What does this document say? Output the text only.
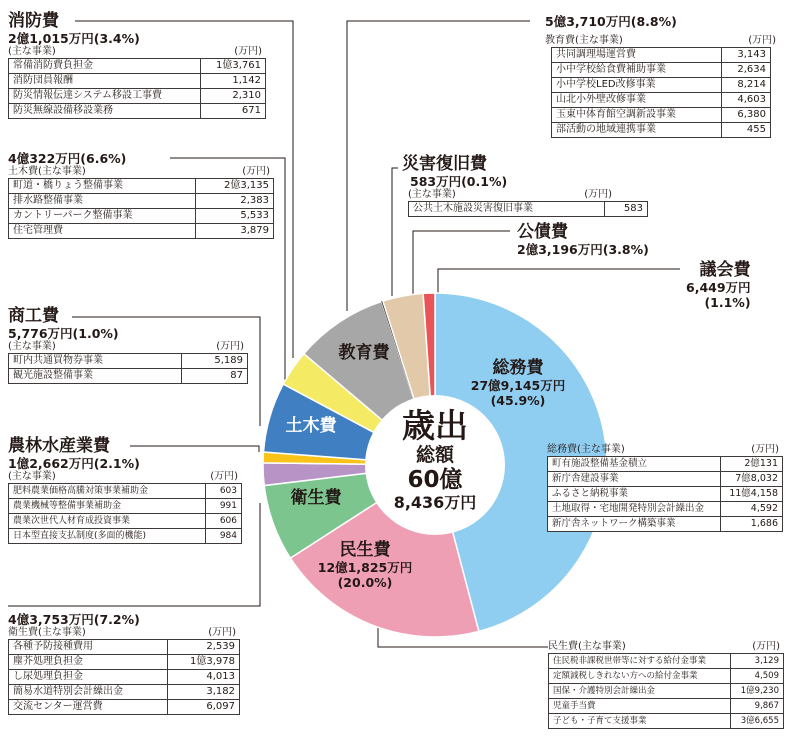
歳出
総額
60億
8,436万円
総務費
27億9,145万円
(45.9%)
民生費
12億1,825万円
(20.0%)
衛生費
土木費
教育費
消防費
2億1,015万円(3.4%)
(主な事業)	(万円)
常備消防費負担金	1億3,761
消防団員報酬	1,142
防災情報伝達システム移設工事費	2,310
防災無線設備移設業務	671
4億322万円(6.6%)
土木費(主な事業)	(万円)
町道・橋りょう整備事業	2億3,135
排水路整備事業	2,383
カントリーパーク整備事業	5,533
住宅管理費	3,879
商工費
5,776万円(1.0%)
(主な事業)	(万円)
町内共通買物券事業	5,189
観光施設整備事業	87
農林水産業費
1億2,662万円(2.1%)
(主な事業)	(万円)
肥料農業価格高騰対策事業補助金	603
農業機械等整備事業補助金	991
農業次世代人材育成投資事業	606
日本型直接支払制度(多面的機能)	984
4億3,753万円(7.2%)
衛生費(主な事業)	(万円)
各種予防接種費用	2,539
塵芥処理負担金	1億3,978
し尿処理負担金	4,013
簡易水道特別会計繰出金	3,182
交流センター運営費	6,097
5億3,710万円(8.8%)
教育費(主な事業)	(万円)
共同調理場運営費	3,143
小中学校給食費補助事業	2,634
小中学校LED改修事業	8,214
山北小外壁改修事業	4,603
玉東中体育館空調新設事業	6,380
部活動の地域連携事業	455
災害復旧費
583万円(0.1%)
(主な事業)	(万円)
公共土木施設災害復旧事業	583
公債費
2億3,196万円(3.8%)
議会費
6,449万円
(1.1%)
総務費(主な事業)	(万円)
町有施設整備基金積立	2億131
新庁舎建設事業	7億8,032
ふるさと納税事業	11億4,158
土地取得・宅地開発特別会計繰出金	4,592
新庁舎ネットワーク構築事業	1,686
民生費(主な事業)	(万円)
住民税非課税世帯等に対する給付金事業	3,129
定額減税しきれない方への給付金事業	4,509
国保・介護特別会計繰出金	1億9,230
児童手当費	9,867
子ども・子育て支援事業	3億6,655
